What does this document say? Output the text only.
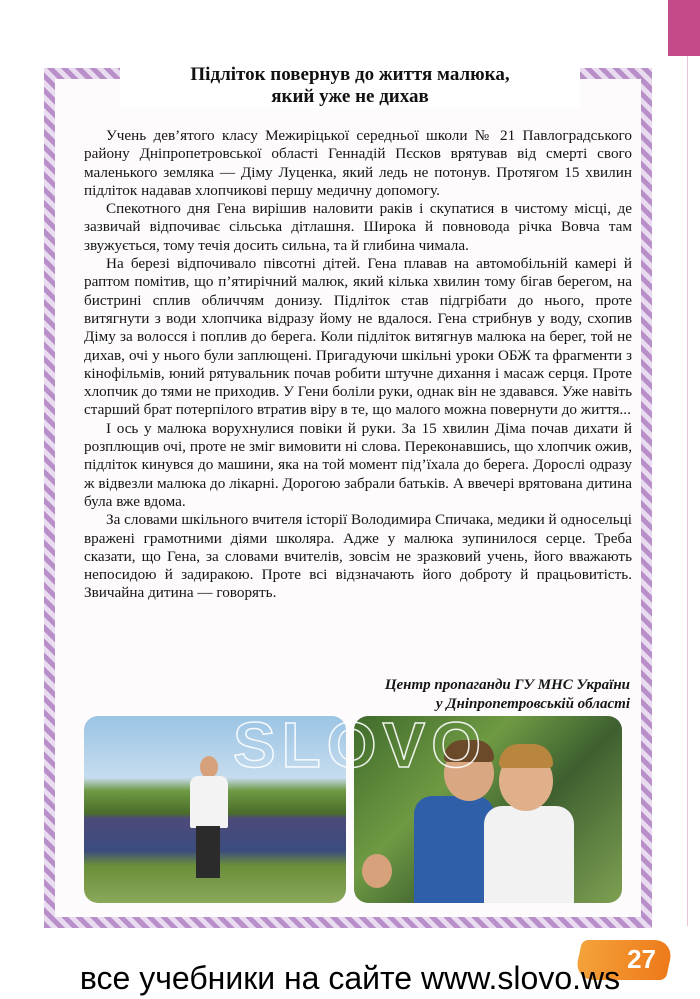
Підліток повернув до життя малюка,
який уже не дихав

Учень дев’ятого класу Межиріцької середньої школи № 21 Павлоградського району Дніпропетровської області Геннадій Пєсков врятував від смерті свого маленького земляка — Діму Луценка, який ледь не потонув. Протягом 15 хвилин підліток надавав хлопчикові першу медичну допомогу.

Спекотного дня Гена вирішив наловити раків і скупатися в чистому місці, де зазвичай відпочиває сільська дітлашня. Широка й повновода річка Вовча там звужується, тому течія досить сильна, та й глибина чимала.

На березі відпочивало півсотні дітей. Гена плавав на автомобільній камері й раптом помітив, що п’ятирічний малюк, який кілька хвилин тому бігав берегом, на бистрині сплив обличчям донизу. Підліток став підгрібати до нього, проте витягнути з води хлопчика відразу йому не вдалося. Гена стрибнув у воду, схопив Діму за волосся і поплив до берега. Коли підліток витягнув малюка на берег, той не дихав, очі у нього були заплющені. Пригадуючи шкільні уроки ОБЖ та фрагменти з кінофільмів, юний рятувальник почав робити штучне дихання і масаж серця. Проте хлопчик до тями не приходив. У Гени боліли руки, однак він не здавався. Уже навіть старший брат потерпілого втратив віру в те, що малого можна повернути до життя...

І ось у малюка ворухнулися повіки й руки. За 15 хвилин Діма почав дихати й розплющив очі, проте не зміг вимовити ні слова. Переконавшись, що хлопчик ожив, підліток кинувся до машини, яка на той момент під’їхала до берега. Дорослі одразу ж відвезли малюка до лікарні. Дорогою забрали батьків. А ввечері врятована дитина була вже вдома.

За словами шкільного вчителя історії Володимира Спичака, медики й односельці вражені грамотними діями школяра. Адже у малюка зупинилося серце. Треба сказати, що Гена, за словами вчителів, зовсім не зразковий учень, його вважають непосидою й задиракою. Проте всі відзначають його доброту й працьовитість. Звичайна дитина — говорять.

Центр пропаганди ГУ МНС України
у Дніпропетровській області
SLOVO
27
все учебники на сайте www.slovo.ws
